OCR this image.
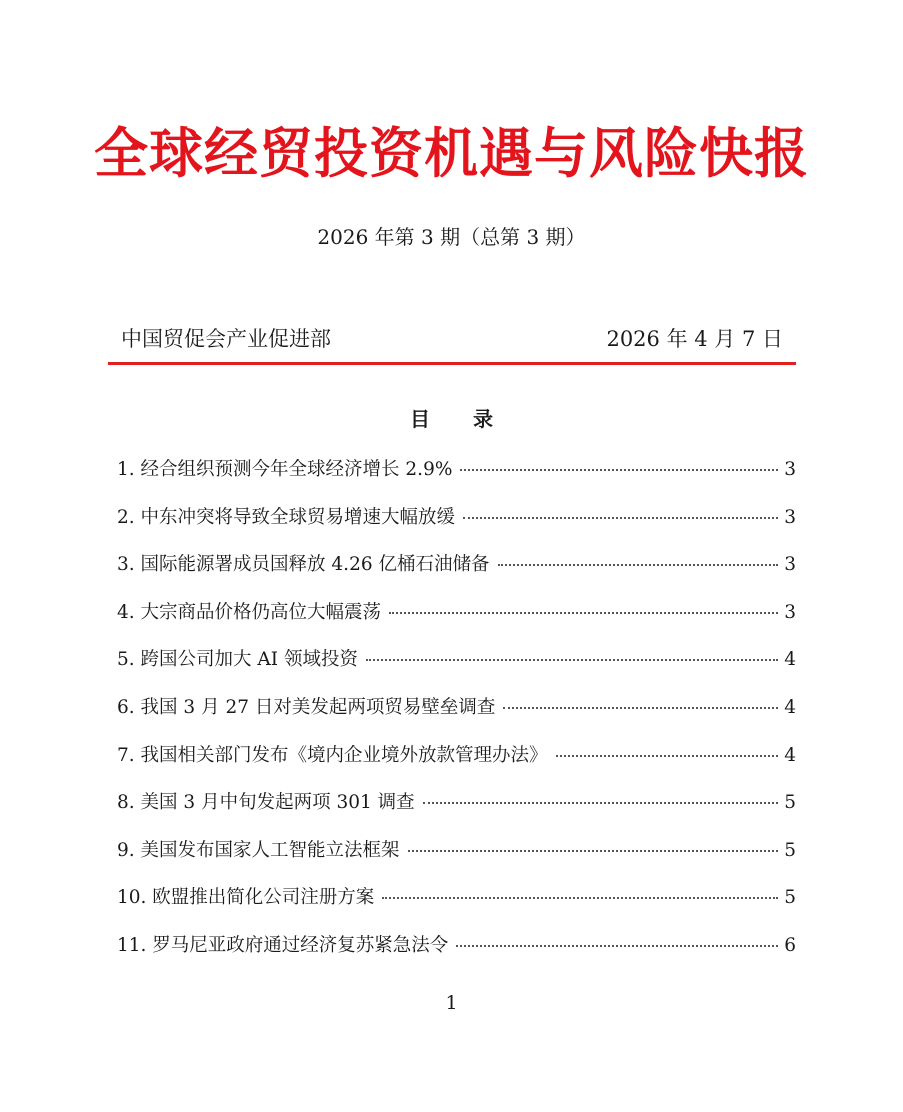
全球经贸投资机遇与风险快报
2026 年第 3 期（总第 3 期）
中国贸促会产业促进部	2026 年 4 月 7 日
目 录
1. 经合组织预测今年全球经济增长 2.9%	3
2. 中东冲突将导致全球贸易增速大幅放缓	3
3. 国际能源署成员国释放 4.26 亿桶石油储备	3
4. 大宗商品价格仍高位大幅震荡	3
5. 跨国公司加大 AI 领域投资	4
6. 我国 3 月 27 日对美发起两项贸易壁垒调查	4
7. 我国相关部门发布《境内企业境外放款管理办法》	4
8. 美国 3 月中旬发起两项 301 调查	5
9. 美国发布国家人工智能立法框架	5
10. 欧盟推出简化公司注册方案	5
11. 罗马尼亚政府通过经济复苏紧急法令	6
1
